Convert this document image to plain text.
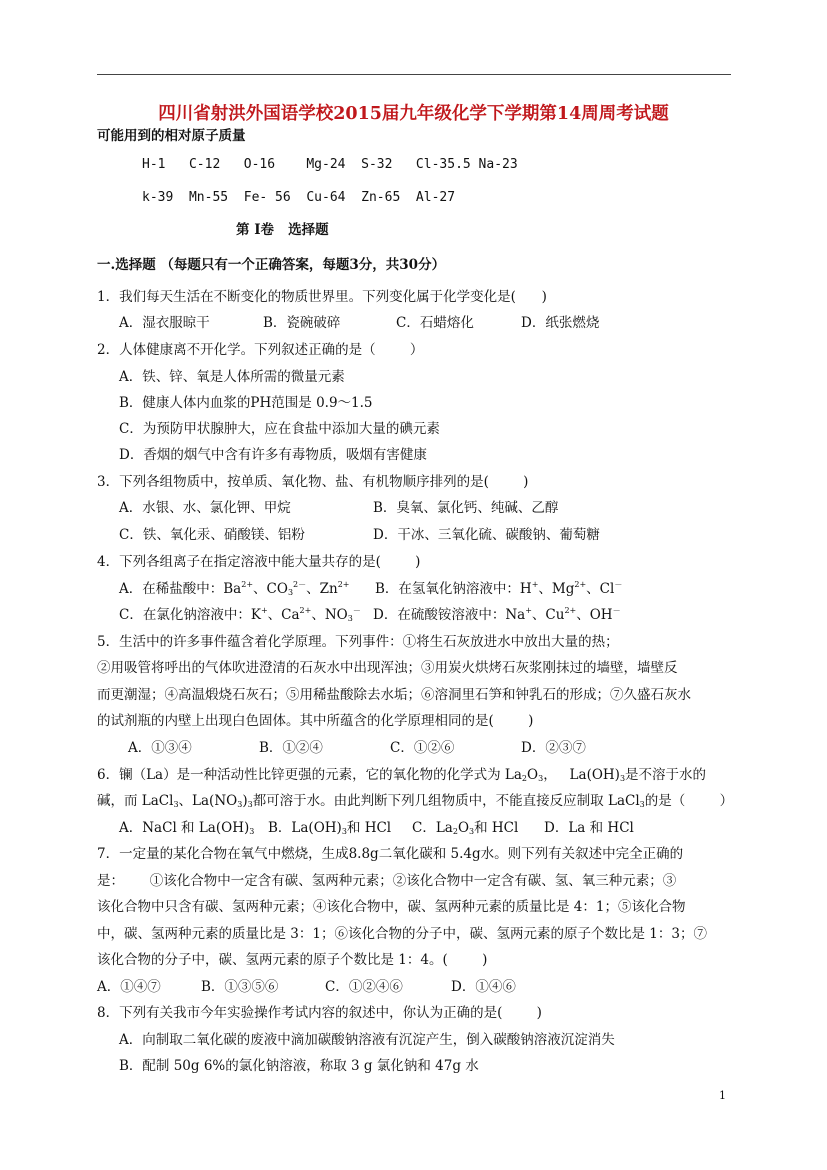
四川省射洪外国语学校2015届九年级化学下学期第14周周考试题
可能用到的相对原子质量
H-1   C-12   O-16    Mg-24  S-32   Cl-35.5 Na-23
k-39  Mn-55  Fe- 56  Cu-64  Zn-65  Al-27
第 I卷   选择题
一.选择题 （每题只有一个正确答案，每题3分，共30分）
1．我们每天生活在不断变化的物质世界里。下列变化属于化学变化是(      )
A．湿衣服晾干	B．瓷碗破碎	C．石蜡熔化	D．纸张燃烧
2．人体健康离不开化学。下列叙述正确的是（        ）
A．铁、锌、氧是人体所需的微量元素
B．健康人体内血浆的PH范围是 0.9～1.5
C．为预防甲状腺肿大，应在食盐中添加大量的碘元素
D．香烟的烟气中含有许多有毒物质，吸烟有害健康
3．下列各组物质中，按单质、氧化物、盐、有机物顺序排列的是(        )
A．水银、水、氯化钾、甲烷	B．臭氧、氯化钙、纯碱、乙醇
C．铁、氧化汞、硝酸镁、铝粉	D．干冰、三氧化硫、碳酸钠、葡萄糖
4．下列各组离子在指定溶液中能大量共存的是(        )
A．在稀盐酸中：$Ba^{2+}$、$CO_3^{2-}$、$Zn^{2+}$ B．在氢氧化钠溶液中：H+、$Mg^{2+}$、Cl－
C．在氯化钠溶液中：K+、$Ca^{2+}$、$NO_3^-$ D．在硫酸铵溶液中：Na+、$Cu^{2+}$、OH－
5．生活中的许多事件蕴含着化学原理。下列事件：①将生石灰放进水中放出大量的热；
②用吸管将呼出的气体吹进澄清的石灰水中出现浑浊；③用炭火烘烤石灰浆刚抹过的墙壁，墙壁反
而更潮湿；④高温煅烧石灰石；⑤用稀盐酸除去水垢；⑥溶洞里石笋和钟乳石的形成；⑦久盛石灰水
的试剂瓶的内壁上出现白色固体。其中所蕴含的化学原理相同的是(        )
A．①③④	B．①②④	C．①②⑥	D．②③⑦
6．镧（La）是一种活动性比锌更强的元素，它的氧化物的化学式为 $La_2O_3$，   $La(OH)_3$是不溶于水的
碱，而 LaCl$_3$、$La(NO_3)_3$都可溶于水。由此判断下列几组物质中，不能直接反应制取 LaCl$_3$的是（        ）
A．NaCl 和 $La(OH)_3$ B．$La(OH)_3$和 HCl C．$La_2O_3$和 HCl D．La 和 HCl
7．一定量的某化合物在氧气中燃烧，生成8.8g二氧化碳和 5.4g水。则下列有关叙述中完全正确的
是：      ①该化合物中一定含有碳、氢两种元素；②该化合物中一定含有碳、氢、氧三种元素；③
该化合物中只含有碳、氢两种元素；④该化合物中，碳、氢两种元素的质量比是 4：1；⑤该化合物
中，碳、氢两种元素的质量比是 3：1；⑥该化合物的分子中，碳、氢两元素的原子个数比是 1：3；⑦
该化合物的分子中，碳、氢两元素的原子个数比是 1：4。(        )
A．①④⑦	B．①③⑤⑥	C．①②④⑥	D．①④⑥
8．下列有关我市今年实验操作考试内容的叙述中，你认为正确的是(        )
A．向制取二氧化碳的废液中滴加碳酸钠溶液有沉淀产生，倒入碳酸钠溶液沉淀消失
B．配制 50g 6%的氯化钠溶液，称取 3 g 氯化钠和 47g 水
1
